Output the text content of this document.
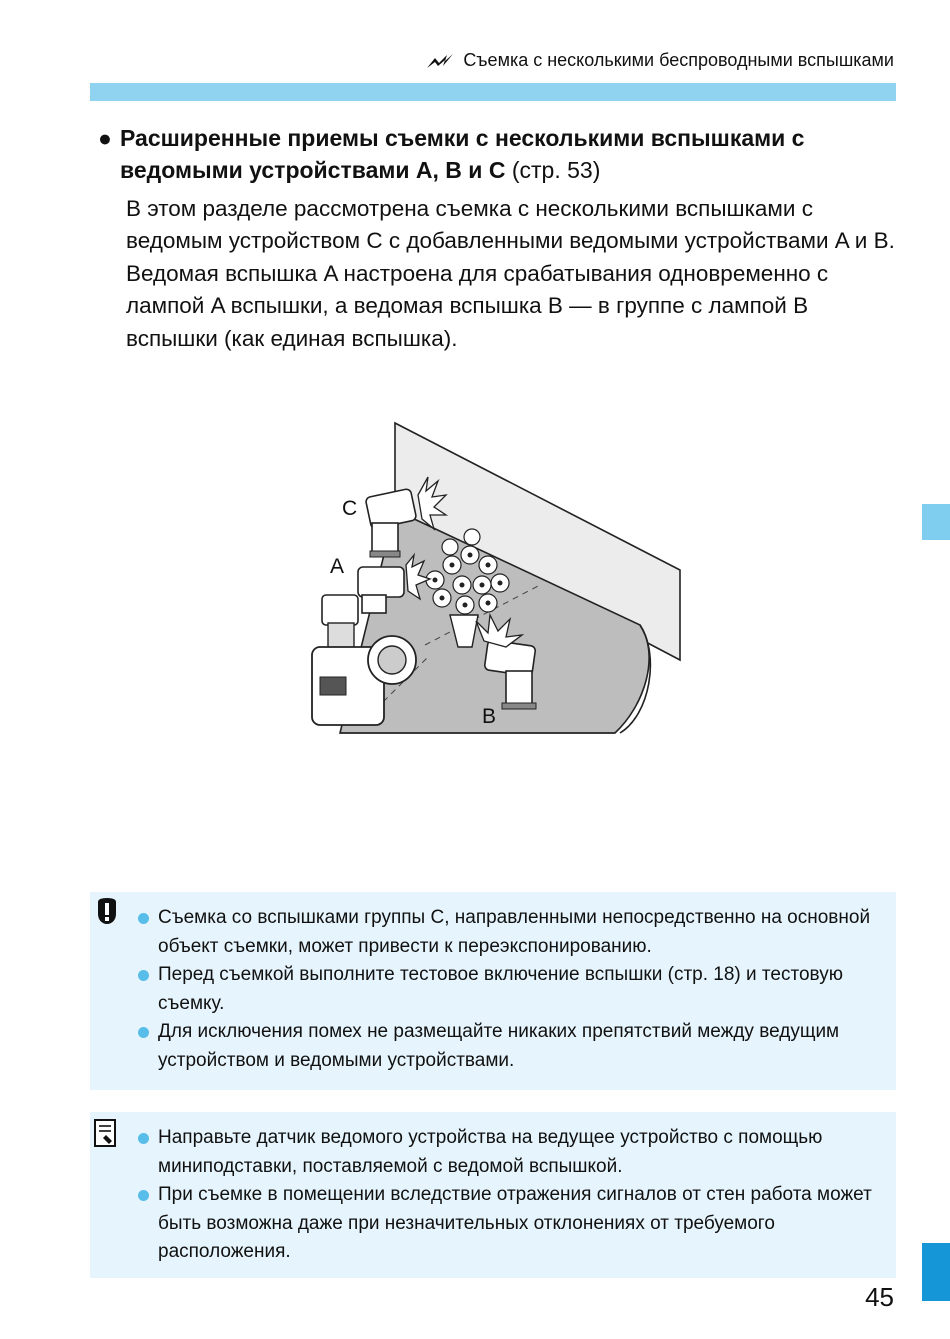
Съемка с несколькими беспроводными вспышками
● Расширенные приемы съемки с несколькими вспышками с ведомыми устройствами A, B и C (стр. 53)
В этом разделе рассмотрена съемка с несколькими вспышками с ведомым устройством C с добавленными ведомыми устройствами A и B. Ведомая вспышка A настроена для срабатывания одновременно с лампой A вспышки, а ведомая вспышка B — в группе с лампой B вспышки (как единая вспышка).
C
A
B
Съемка со вспышками группы C, направленными непосредственно на основной объект съемки, может привести к переэкспонированию.
Перед съемкой выполните тестовое включение вспышки (стр. 18) и тестовую съемку.
Для исключения помех не размещайте никаких препятствий между ведущим устройством и ведомыми устройствами.
Направьте датчик ведомого устройства на ведущее устройство с помощью миниподставки, поставляемой с ведомой вспышкой.
При съемке в помещении вследствие отражения сигналов от стен работа может быть возможна даже при незначительных отклонениях от требуемого расположения.
45
